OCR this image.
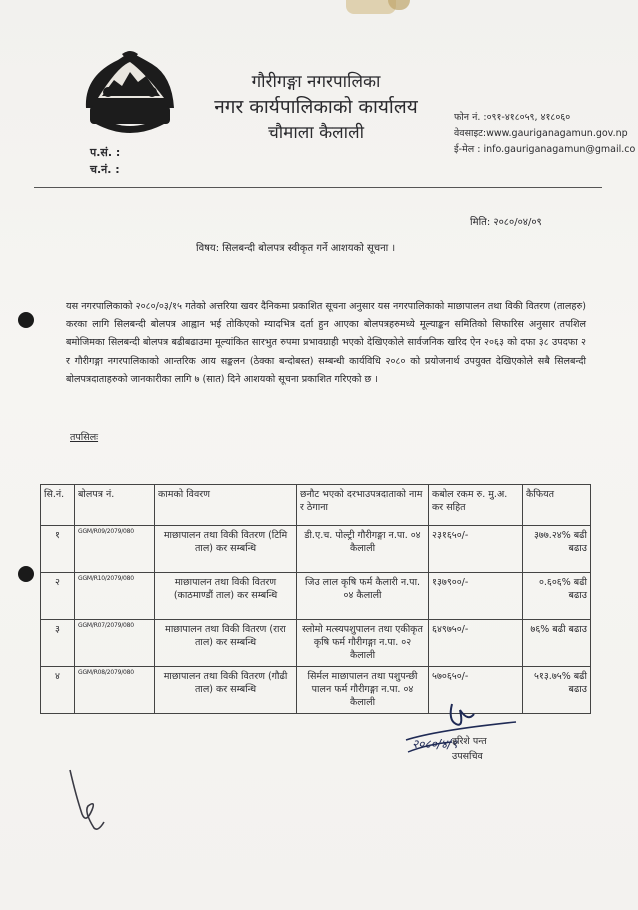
गौरीगङ्गा नगरपालिका
नगर कार्यपालिकाको कार्यालय
चौमाला कैलाली
प.सं. :
च.नं. :
फोन नं. :०९१-४१८०५९, ४१८०६०
वेवसाइट:www.gauriganagamun.gov.np
ई-मेल : info.gauriganagamun@gmail.co
मिति: २०८०/०४/०९
विषय: सिलबन्दी बोलपत्र स्वीकृत गर्ने आशयको सूचना ।
यस नगरपालिकाको २०८०/०३/१५ गतेको अत्तरिया खवर दैनिकमा प्रकाशित सूचना अनुसार यस नगरपालिकाको माछापालन तथा विकी वितरण (तालहरु) करका लागि सिलबन्दी बोलपत्र आह्वान भई तोकिएको म्यादभित्र दर्ता हुन आएका बोलपत्रहरुमध्ये मूल्याङ्कन समितिको सिफारिस अनुसार तपशिल बमोजिमका सिलबन्दी बोलपत्र बढीबढाउमा मूल्यांकित सारभुत रुपमा प्रभावग्राही भएको देखिएकोले सार्वजनिक खरिद ऐन २०६३ को दफा ३८ उपदफा २ र गौरीगङ्गा नगरपालिकाको आन्तरिक आय सङ्कलन (ठेक्का बन्दोबस्त) सम्बन्धी कार्यविधि २०८० को प्रयोजनार्थ उपयुक्त देखिएकोले सबै सिलबन्दी बोलपत्रदाताहरुको जानकारीका लागि ७ (सात) दिने आशयको सूचना प्रकाशित गरिएको छ ।
तपसिलः
सि.नं.	बोलपत्र नं.	कामको विवरण	छनौट भएको दरभाउपत्रदाताको नाम र ठेगाना	कबोल रकम रु. मु.अ. कर सहित	कैफियत
१	GGM/R09/2079/080	माछापालन तथा विकी वितरण (टिमि ताल) कर सम्बन्धि	डी.ए.च. पोल्ट्री गौरीगङ्गा न.पा. ०४ कैलाली	२३१६५०/-	३७७.२४% बढी बढाउ
२	GGM/R10/2079/080	माछापालन तथा विकी वितरण (काठमाण्डौं ताल) कर सम्बन्धि	जिउ लाल कृषि फर्म कैलारी न.पा. ०४ कैलाली	१३७९००/-	०.६०६% बढी बढाउ
३	GGM/R07/2079/080	माछापालन तथा विकी वितरण (रारा ताल) कर सम्बन्धि	स्लोमो मत्स्यपशुपालन तथा एकीकृत कृषि फर्म गौरीगङ्गा न.पा. ०२ कैलाली	६४९७५०/-	७६% बढी बढाउ
४	GGM/R08/2079/080	माछापालन तथा विकी वितरण (गौढी ताल) कर सम्बन्धि	सिर्मल माछापालन तथा पशुपन्छी पालन फर्म गौरीगङ्गा न.पा. ०४ कैलाली	५७०६५०/-	५१३.७५% बढी बढाउ
२०८०/४/९
हरिशे पन्त
उपसचिव
